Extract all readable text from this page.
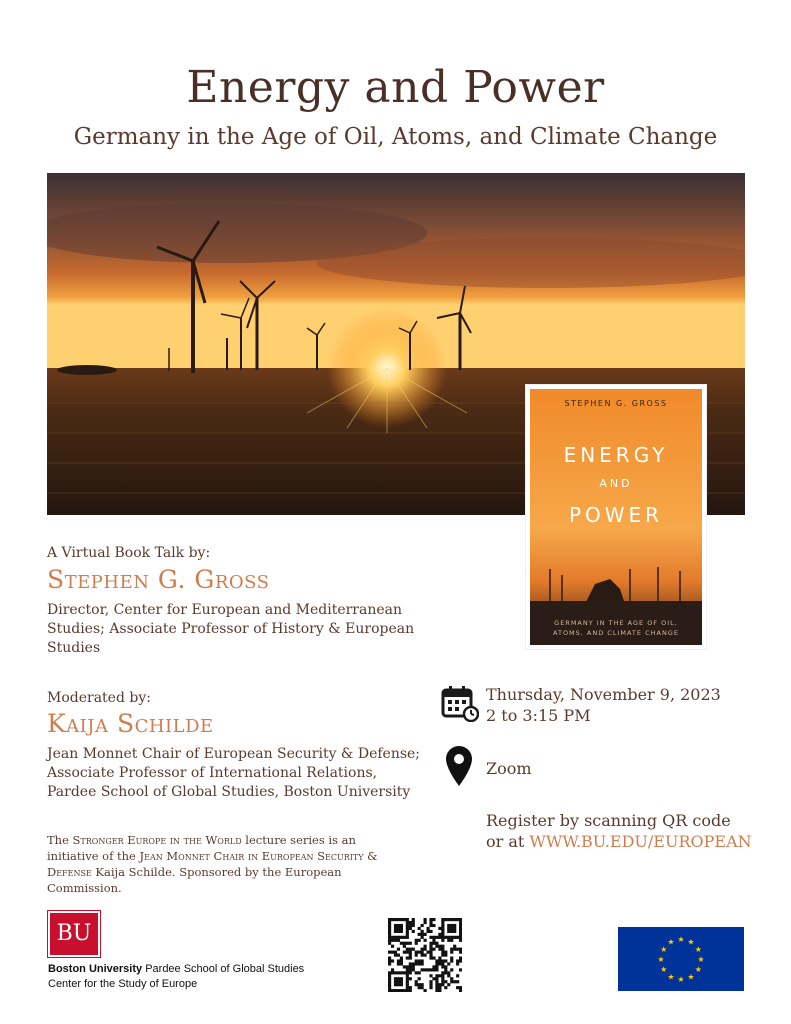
Energy and Power
Germany in the Age of Oil, Atoms, and Climate Change
STEPHEN G. GROSS
ENERGY
AND
POWER
GERMANY IN THE AGE OF OIL,
ATOMS, AND CLIMATE CHANGE
A Virtual Book Talk by:
Stephen G. Gross
Director, Center for European and Mediterranean Studies; Associate Professor of History & European Studies
Moderated by:
Kaija Schilde
Jean Monnet Chair of European Security & Defense; Associate Professor of International Relations, Pardee School of Global Studies, Boston University
The Stronger Europe in the World lecture series is an initiative of the Jean Monnet Chair in European Security & Defense Kaija Schilde. Sponsored by the European Commission.
Thursday, November 9, 2023
2 to 3:15 PM
Zoom
Register by scanning QR code
or at WWW.BU.EDU/EUROPEAN
BU
Boston University Pardee School of Global Studies
Center for the Study of Europe
★ ★
★
★
★
★
★
★
★
★
★
★
